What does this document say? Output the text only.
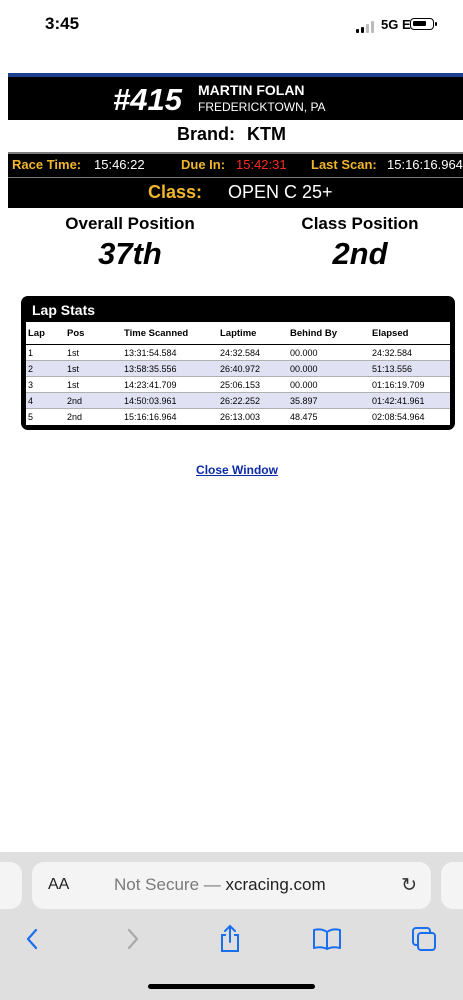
3:45	5G E
#415 MARTIN FOLAN
FREDERICKTOWN, PA
Brand: KTM
Race Time: 15:46:22	Due In: 15:42:31 Last Scan: 15:16:16.964
Class: OPEN C 25+
Overall Position
37th
Class Position
2nd
Lap Stats
Lap	Pos	Time Scanned	Laptime	Behind By	Elapsed
1	1st	13:31:54.584	24:32.584	00.000	24:32.584
2	1st	13:58:35.556	26:40.972	00.000	51:13.556
3	1st	14:23:41.709	25:06.153	00.000	01:16:19.709
4	2nd	14:50:03.961	26:22.252	35.897	01:42:41.961
5	2nd	15:16:16.964	26:13.003	48.475	02:08:54.964
Close Window
AA	Not Secure — xcracing.com	↻
